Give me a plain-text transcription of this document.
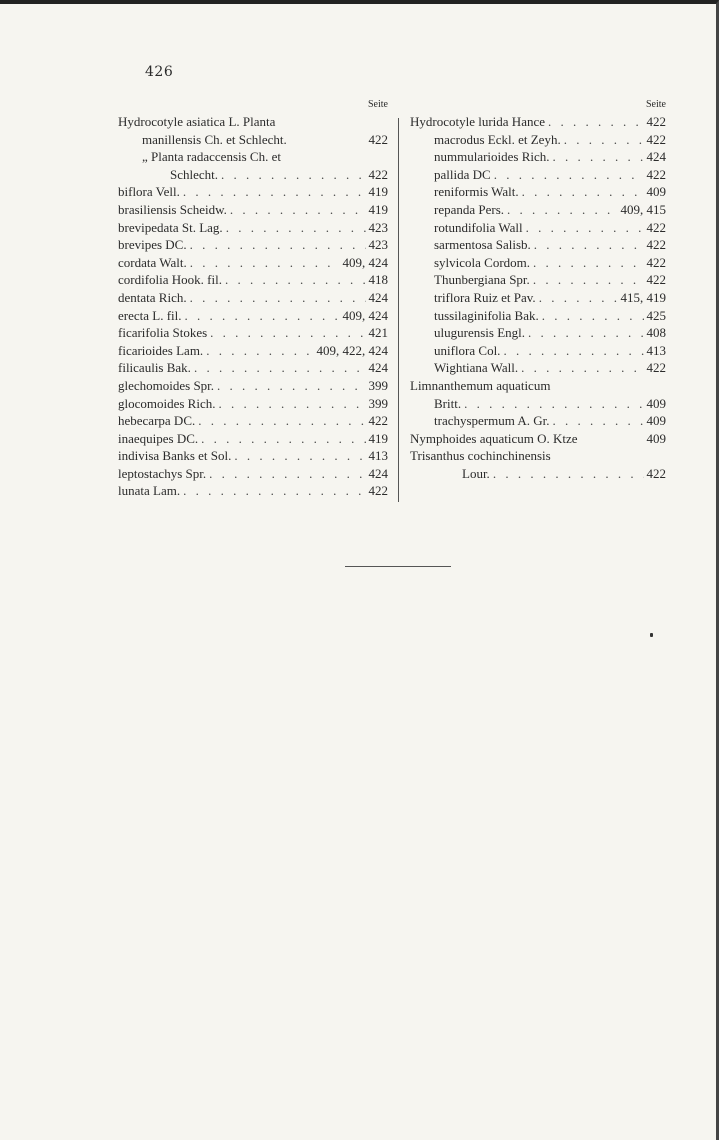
426
Seite
Hydrocotyle asiatica L. Planta
manillensis Ch. et Schlecht.	422
„ Planta radaccensis Ch. et
Schlecht. . . .	422
biflora Vell. . . .	419
brasiliensis Scheidw. . . .	419
brevipedata St. Lag. . . .	423
brevipes DC. . . .	423
cordata Walt. . . .	409, 424
cordifolia Hook. fil. . . .	418
dentata Rich. . . .	424
erecta L. fil. . . .	409, 424
ficarifolia Stokes . . .	421
ficarioides Lam. . . .	409, 422, 424
filicaulis Bak. . . .	424
glechomoides Spr. . . .	399
glocomoides Rich. . . .	399
hebecarpa DC. . . .	422
inaequipes DC. . . .	419
indivisa Banks et Sol. . . .	413
leptostachys Spr. . . .	424
lunata Lam. . . .	422
Seite
Hydrocotyle lurida Hance . . .	422
macrodus Eckl. et Zeyh. . . .	422
nummularioides Rich. . . .	424
pallida DC . . .	422
reniformis Walt. . . .	409
repanda Pers. . . .	409, 415
rotundifolia Wall . . .	422
sarmentosa Salisb. . . .	422
sylvicola Cordom. . . .	422
Thunbergiana Spr. . . .	422
triflora Ruiz et Pav. . . .	415, 419
tussilaginifolia Bak. . . .	425
ulugurensis Engl. . . .	408
uniflora Col. . . .	413
Wightiana Wall. . . .	422
Limnanthemum aquaticum
Britt. . . .	409
trachyspermum A. Gr. . . .	409
Nymphoides aquaticum O. Ktze	409
Trisanthus cochinchinensis
Lour. . . .	422
